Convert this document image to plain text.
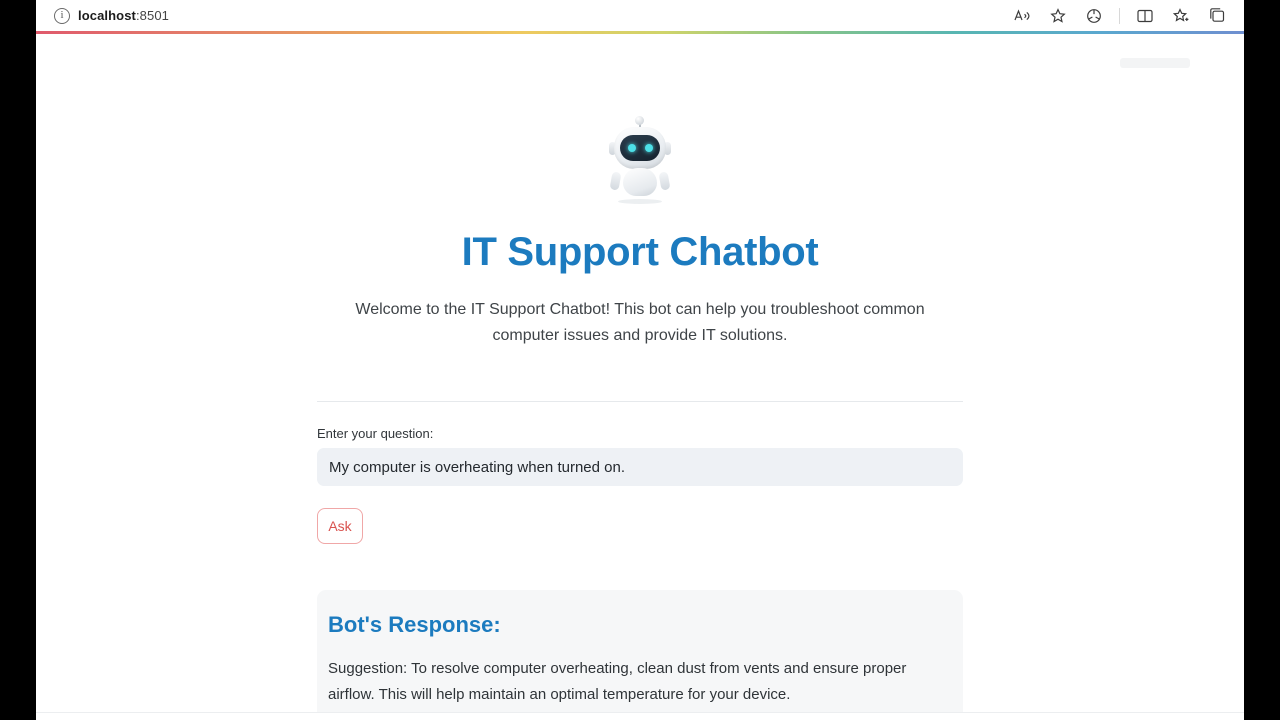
i	localhost:8501
IT Support Chatbot

Welcome to the IT Support Chatbot! This bot can help you troubleshoot common computer issues and provide IT solutions.

Enter your question:
My computer is overheating when turned on.
Ask
Bot's Response:

Suggestion: To resolve computer overheating, clean dust from vents and ensure proper airflow. This will help maintain an optimal temperature for your device.
